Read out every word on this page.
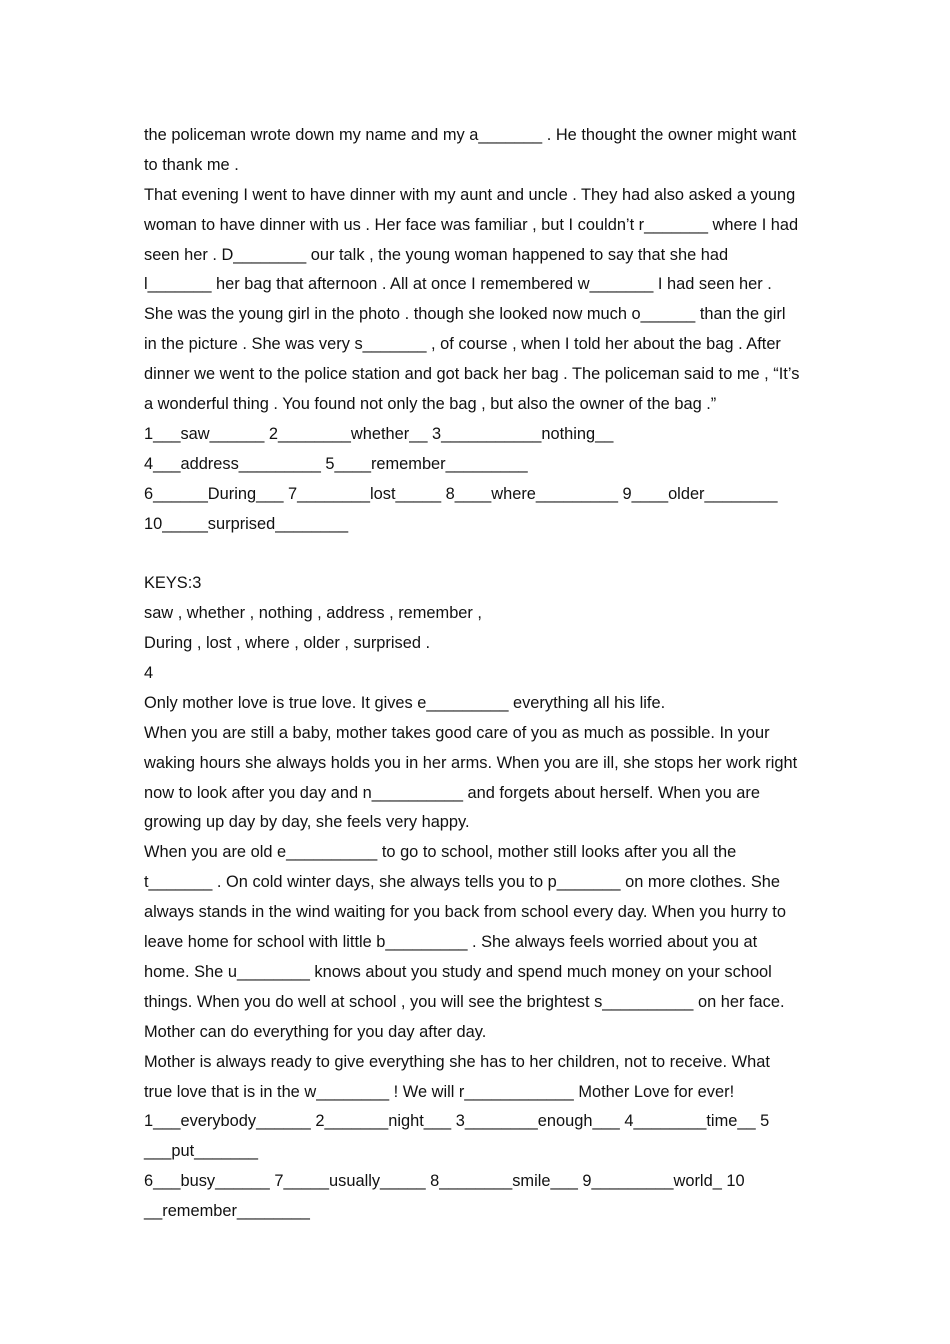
the policeman wrote down my name and my a_______ . He thought the owner might want
to thank me .
That evening I went to have dinner with my aunt and uncle . They had also asked a young
woman to have dinner with us . Her face was familiar , but I couldn’t r_______ where I had
seen her . D________ our talk , the young woman happened to say that she had
l_______ her bag that afternoon . All at once I remembered w_______ I had seen her .
She was the young girl in the photo . though she looked now much o______ than the girl
in the picture . She was very s_______ , of course , when I told her about the bag . After
dinner we went to the police station and got back her bag . The policeman said to me , “It’s
a wonderful thing . You found not only the bag , but also the owner of the bag .”
1___saw______ 2________whether__ 3___________nothing__
4___address_________ 5____remember_________
6______During___ 7________lost_____ 8____where_________ 9____older________
10_____surprised________
KEYS:3
saw , whether , nothing , address , remember ,
During , lost , where , older , surprised .
4
Only mother love is true love. It gives e_________ everything all his life.
When you are still a baby, mother takes good care of you as much as possible. In your
waking hours she always holds you in her arms. When you are ill, she stops her work right
now to look after you day and n__________ and forgets about herself. When you are
growing up day by day, she feels very happy.
When you are old e__________ to go to school, mother still looks after you all the
t_______ . On cold winter days, she always tells you to p_______ on more clothes. She
always stands in the wind waiting for you back from school every day. When you hurry to
leave home for school with little b_________ . She always feels worried about you at
home. She u________ knows about you study and spend much money on your school
things. When you do well at school , you will see the brightest s__________ on her face.
Mother can do everything for you day after day.
Mother is always ready to give everything she has to her children, not to receive. What
true love that is in the w________ ! We will r____________ Mother Love for ever!
1___everybody______ 2_______night___ 3________enough___ 4________time__ 5
___put_______
6___busy______ 7_____usually_____ 8________smile___ 9_________world_ 10
__remember________
